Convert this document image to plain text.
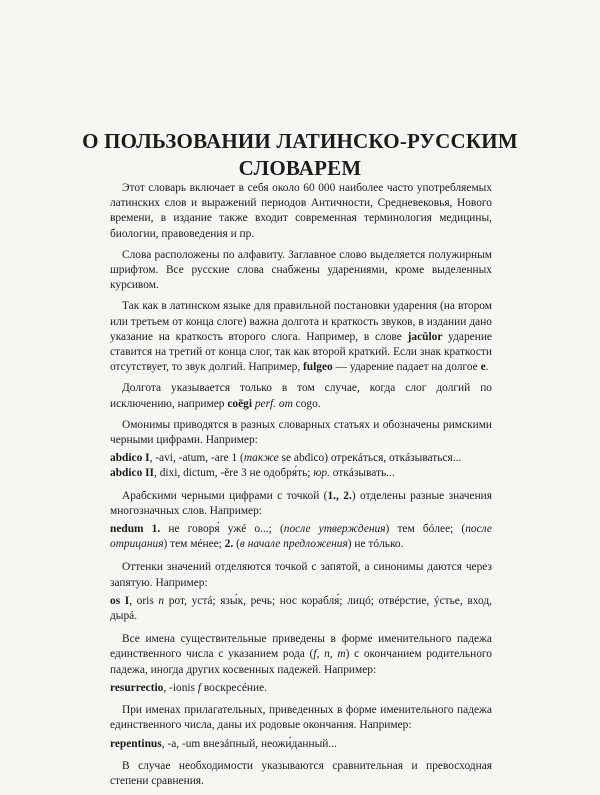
О ПОЛЬЗОВАНИИ ЛАТИНСКО-РУССКИМ
СЛОВАРЕМ

Этот словарь включает в себя около 60 000 наиболее часто употребляемых латинских слов и выражений периодов Античности, Средневековья, Нового времени, в издание также входит современная терминология медицины, биологии, правоведения и пр.

Слова расположены по алфавиту. Заглавное слово выделяется полужирным шрифтом. Все русские слова снабжены ударениями, кроме выделенных курсивом.

Так как в латинском языке для правильной постановки ударения (на втором или третьем от конца слоге) важна долгота и краткость звуков, в издании дано указание на краткость второго слога. Например, в слове jacŭlor ударение ставится на третий от конца слог, так как второй краткий. Если знак краткости отсутствует, то звук долгий. Например, fulgeo — ударение падает на долгое e.

Долгота указывается только в том случае, когда слог долгий по исключению, например coēgi perf. от cogo.

Омонимы приводятся в разных словарных статьях и обозначены римскими черными цифрами. Например:

abdico I, -avi, -atum, -are 1 (также se abdico) отрекáться, откáзываться...
abdico II, dixi, dictum, -ĕre 3 не одобря́ть; юр. откáзывать...

Арабскими черными цифрами с точкой (1., 2.) отделены разные значения многозначных слов. Например:

nedum 1. не говоря́ ужé о...; (после утверждения) тем бóлее; (после отрицания) тем мéнее; 2. (в начале предложения) не тóлько.

Оттенки значений отделяются точкой с запятой, а синонимы даются через запятую. Например:

os I, oris n рот, устá; язы́к, речь; нос корабля́; лицó; отвéрстие, ýстье, вход, дырá.

Все имена существительные приведены в форме именительного падежа единственного числа с указанием рода (f, n, m) с окончанием родительного падежа, иногда других косвенных падежей. Например:

resurrectio, -ionis f воскресéние.

При именах прилагательных, приведенных в форме именительного падежа единственного числа, даны их родовые окончания. Например:

repentinus, -a, -um внезáпный, неожи́данный...

В случае необходимости указываются сравнительная и превосходная степени сравнения.
